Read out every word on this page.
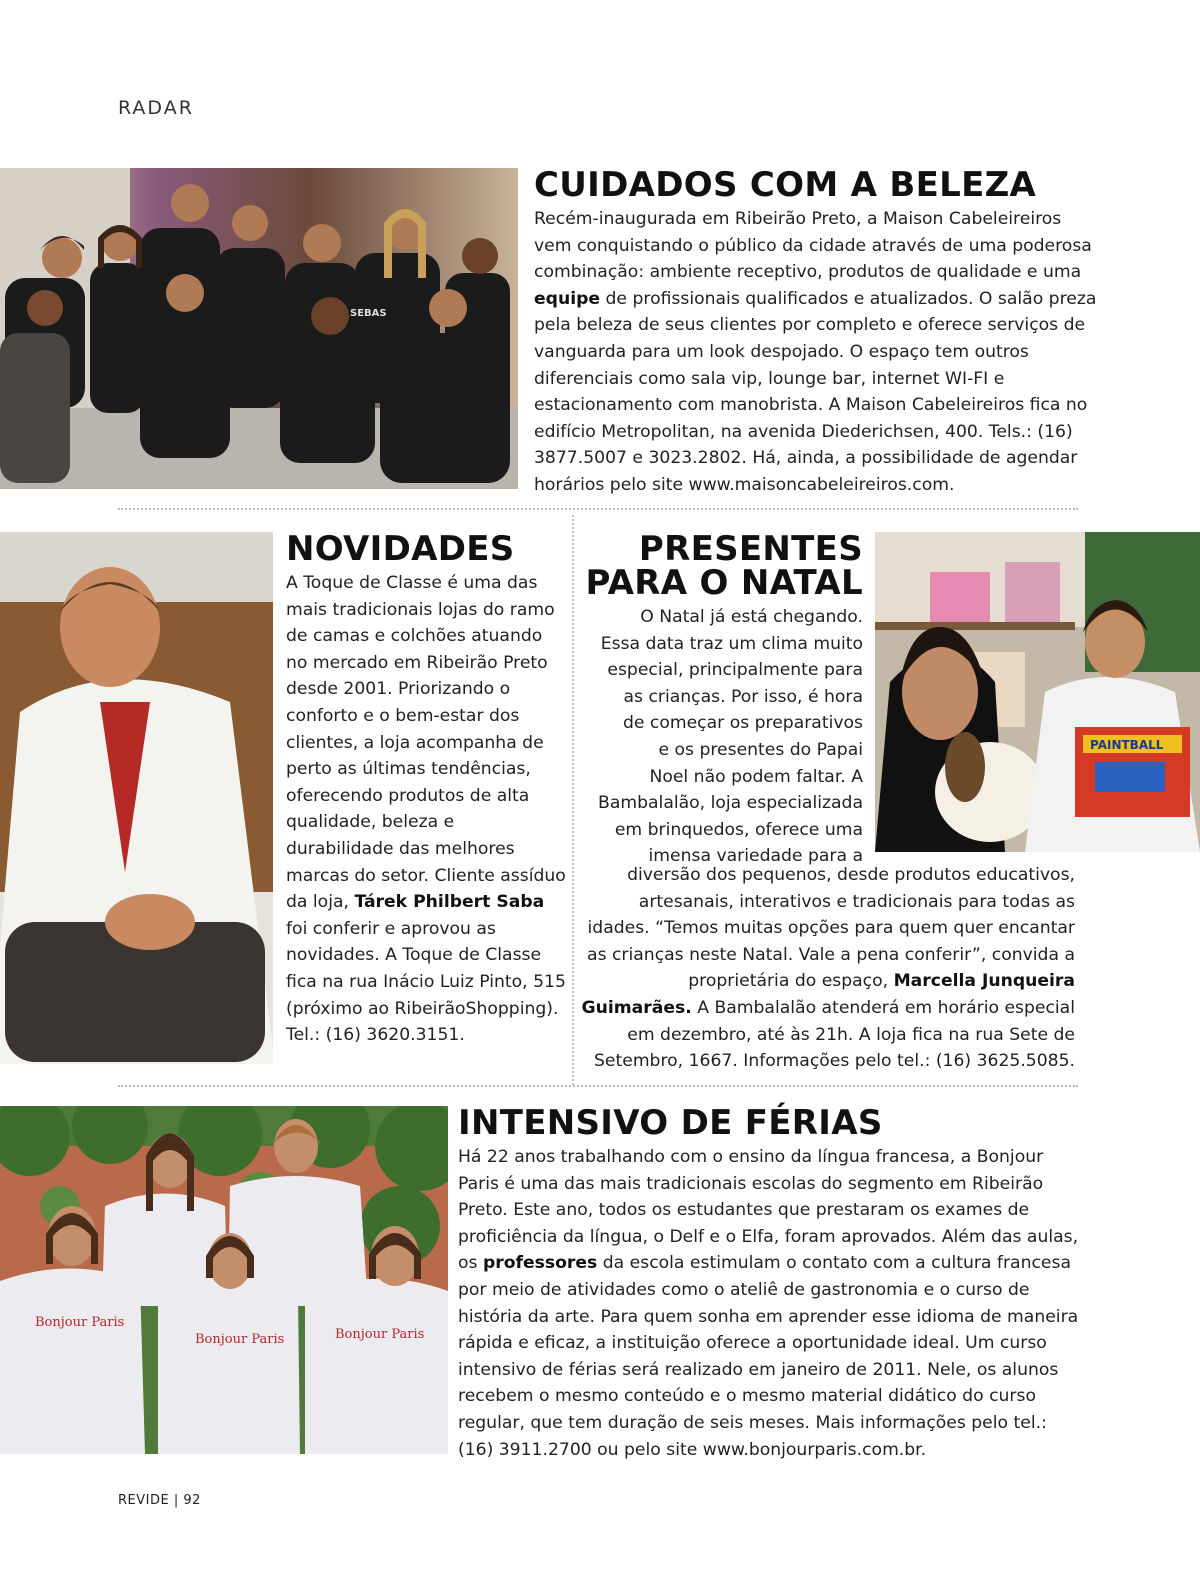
RADAR
SEBAS
CUIDADOS COM A BELEZA

Recém-inaugurada em Ribeirão Preto, a Maison Cabeleireiros vem conquistando o público da cidade através de uma poderosa combinação: ambiente receptivo, produtos de qualidade e uma equipe de profissionais qualificados e atualizados. O salão preza pela beleza de seus clientes por completo e oferece serviços de vanguarda para um look despojado. O espaço tem outros diferenciais como sala vip, lounge bar, internet WI-FI e estacionamento com manobrista. A Maison Cabeleireiros fica no edifício Metropolitan, na avenida Diederichsen, 400. Tels.: (16) 3877.5007 e 3023.2802. Há, ainda, a possibilidade de agendar horários pelo site www.maisoncabeleireiros.com.

NOVIDADES

A Toque de Classe é uma das mais tradicionais lojas do ramo de camas e colchões atuando no mercado em Ribeirão Preto desde 2001. Priorizando o conforto e o bem-estar dos clientes, a loja acompanha de perto as últimas tendências, oferecendo produtos de alta qualidade, beleza e durabilidade das melhores marcas do setor. Cliente assíduo da loja, Tárek Philbert Saba foi conferir e aprovou as novidades. A Toque de Classe fica na rua Inácio Luiz Pinto, 515 (próximo ao RibeirãoShopping).

Tel.: (16) 3620.3151.

PAINTBALL
PRESENTES
PARA O NATAL
O Natal já está chegando.
Essa data traz um clima muito
especial, principalmente para
as crianças. Por isso, é hora
de começar os preparativos
e os presentes do Papai
Noel não podem faltar. A
Bambalalão, loja especializada
em brinquedos, oferece uma
imensa variedade para a

diversão dos pequenos, desde produtos educativos, artesanais, interativos e tradicionais para todas as idades. “Temos muitas opções para quem quer encantar as crianças neste Natal. Vale a pena conferir”, convida a proprietária do espaço, Marcella Junqueira Guimarães. A Bambalalão atenderá em horário especial em dezembro, até às 21h. A loja fica na rua Sete de Setembro, 1667. Informações pelo tel.: (16) 3625.5085.

Bonjour Paris
Bonjour Paris	Bonjour Paris
INTENSIVO DE FÉRIAS

Há 22 anos trabalhando com o ensino da língua francesa, a Bonjour Paris é uma das mais tradicionais escolas do segmento em Ribeirão Preto. Este ano, todos os estudantes que prestaram os exames de proficiência da língua, o Delf e o Elfa, foram aprovados. Além das aulas, os professores da escola estimulam o contato com a cultura francesa por meio de atividades como o ateliê de gastronomia e o curso de história da arte. Para quem sonha em aprender esse idioma de maneira rápida e eficaz, a instituição oferece a oportunidade ideal. Um curso intensivo de férias será realizado em janeiro de 2011. Nele, os alunos recebem o mesmo conteúdo e o mesmo material didático do curso regular, que tem duração de seis meses. Mais informações pelo tel.: (16) 3911.2700 ou pelo site www.bonjourparis.com.br.

REVIDE | 92
